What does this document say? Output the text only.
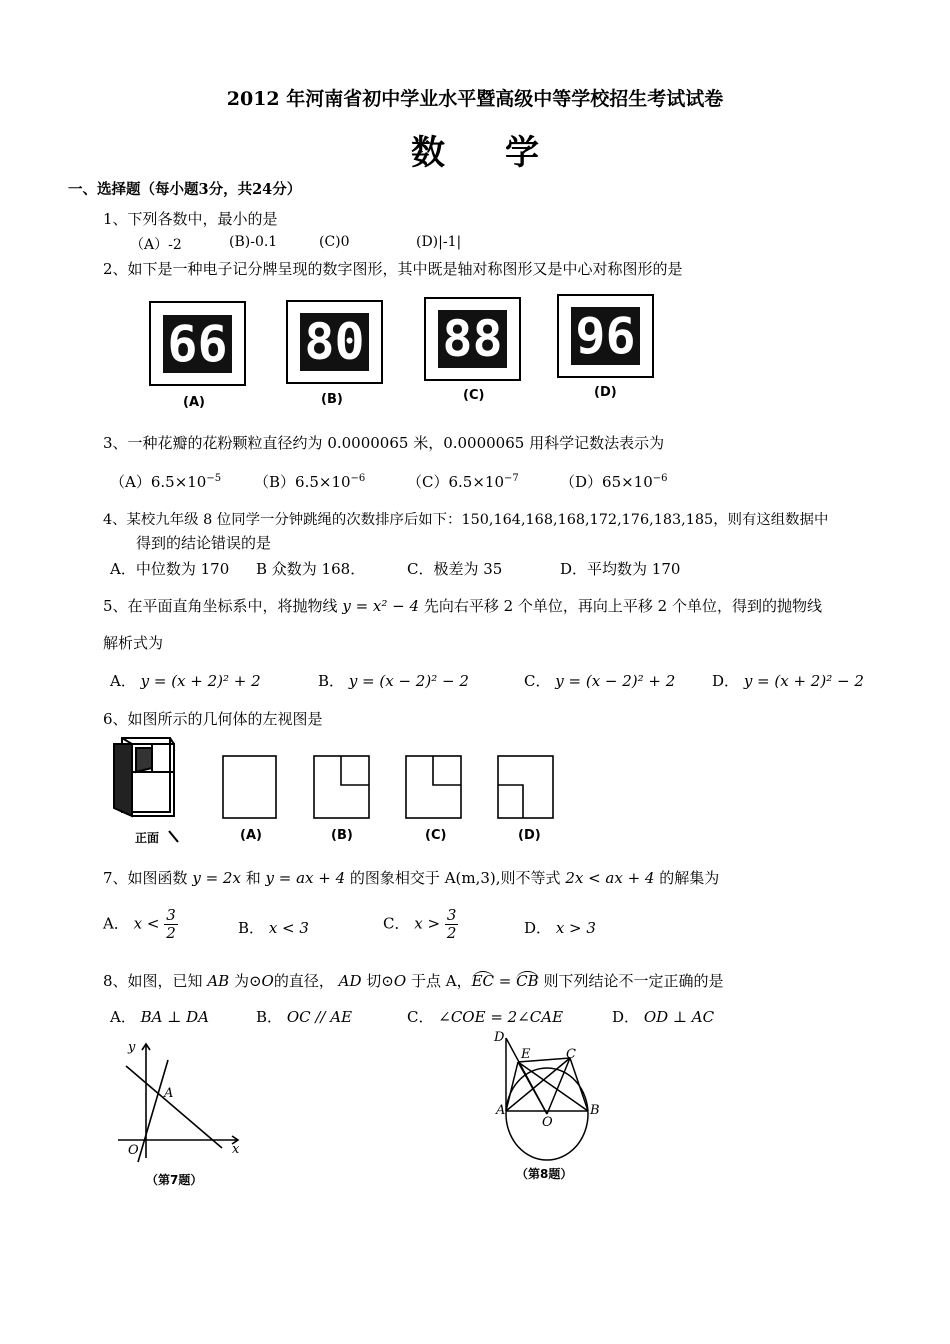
2012 年河南省初中学业水平暨高级中等学校招生考试试卷
数学
一、选择题（每小题3分，共24分）
1、下列各数中，最小的是
（A）-2	(B)-0.1	(C)0	(D)|-1|
2、如下是一种电子记分牌呈现的数字图形，其中既是轴对称图形又是中心对称图形的是
66
(A)
80
(B)
88
(C)
96
(D)
3、一种花瓣的花粉颗粒直径约为 0.0000065 米，0.0000065 用科学记数法表示为
$(A)6.5\times 10^{-5}$ $(B)6.5\times 10^{-6}$	$(C)6.5\times 10^{-7}$	$(D)65\times 10^{-6}$
4、某校九年级 8 位同学一分钟跳绳的次数排序后如下：150,164,168,168,172,176,183,185，则有这组数据中
得到的结论错误的是
A．中位数为 170 B 众数为 168．	C．极差为 35	D．平均数为 170
5、在平面直角坐标系中，将抛物线 y = x² − 4 先向右平移 2 个单位，再向上平移 2 个单位，得到的抛物线
解析式为
A． y = (x + 2)² + 2	B． y = (x − 2)² − 2	C． y = (x − 2)² + 2 D． y = (x + 2)² − 2
6、如图所示的几何体的左视图是
正面	(A)	(B)	(C)	(D)
7、如图函数 y = 2x 和 y = ax + 4 的图象相交于 A(m,3),则不等式 2x < ax + 4 的解集为
A． $x < \frac{3}{2}$	B． x < 3	C． $x > \frac{3}{2}$	D． x > 3
8、如图，已知 AB 为⊙O的直径， AD 切⊙O 于点 A，EC = CB 则下列结论不一定正确的是
A． BA ⊥ DA	B． OC // AE	C． ∠COE = 2∠CAE	D． OD ⊥ AC
y
x
O
A
（第7题）
D
E	C
A	B
O
（第8题）
